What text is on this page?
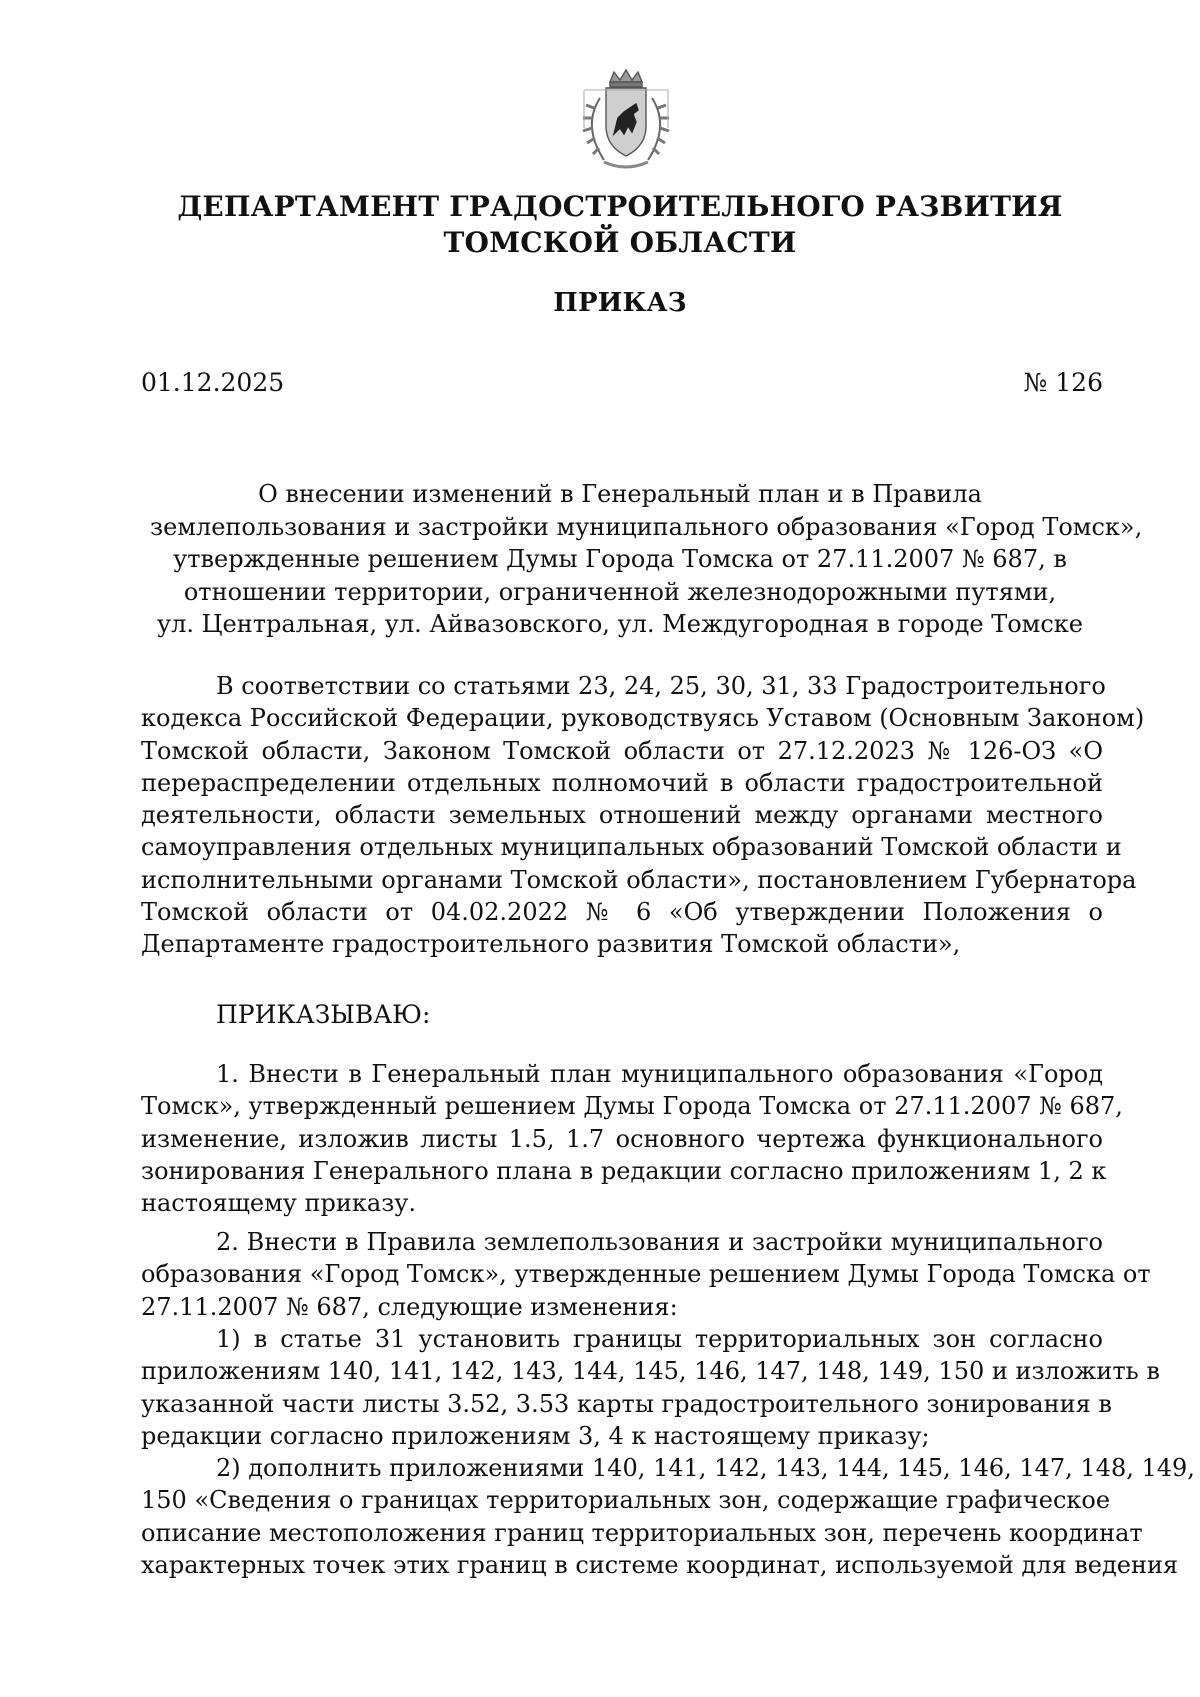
ДЕПАРТАМЕНТ ГРАДОСТРОИТЕЛЬНОГО РАЗВИТИЯ
ТОМСКОЙ ОБЛАСТИ
ПРИКАЗ
01.12.2025	№ 126
О внесении изменений в Генеральный план и в Правила
землепользования и застройки муниципального образования «Город Томск»,
утвержденные решением Думы Города Томска от 27.11.2007 № 687, в
отношении территории, ограниченной железнодорожными путями,
ул. Центральная, ул. Айвазовского, ул. Междугородная в городе Томске
В соответствии со статьями 23, 24, 25, 30, 31, 33 Градостроительного
кодекса Российской Федерации, руководствуясь Уставом (Основным Законом)
Томской области, Законом Томской области от 27.12.2023 № 126-ОЗ «О
перераспределении отдельных полномочий в области градостроительной
деятельности, области земельных отношений между органами местного
самоуправления отдельных муниципальных образований Томской области и
исполнительными органами Томской области», постановлением Губернатора
Томской области от 04.02.2022 № 6 «Об утверждении Положения о
Департаменте градостроительного развития Томской области»,
ПРИКАЗЫВАЮ:
1. Внести в Генеральный план муниципального образования «Город
Томск», утвержденный решением Думы Города Томска от 27.11.2007 № 687,
изменение, изложив листы 1.5, 1.7 основного чертежа функционального
зонирования Генерального плана в редакции согласно приложениям 1, 2 к
настоящему приказу.
2. Внести в Правила землепользования и застройки муниципального
образования «Город Томск», утвержденные решением Думы Города Томска от
27.11.2007 № 687, следующие изменения:
1) в статье 31 установить границы территориальных зон согласно
приложениям 140, 141, 142, 143, 144, 145, 146, 147, 148, 149, 150 и изложить в
указанной части листы 3.52, 3.53 карты градостроительного зонирования в
редакции согласно приложениям 3, 4 к настоящему приказу;
2) дополнить приложениями 140, 141, 142, 143, 144, 145, 146, 147, 148, 149,
150 «Сведения о границах территориальных зон, содержащие графическое
описание местоположения границ территориальных зон, перечень координат
характерных точек этих границ в системе координат, используемой для ведения
